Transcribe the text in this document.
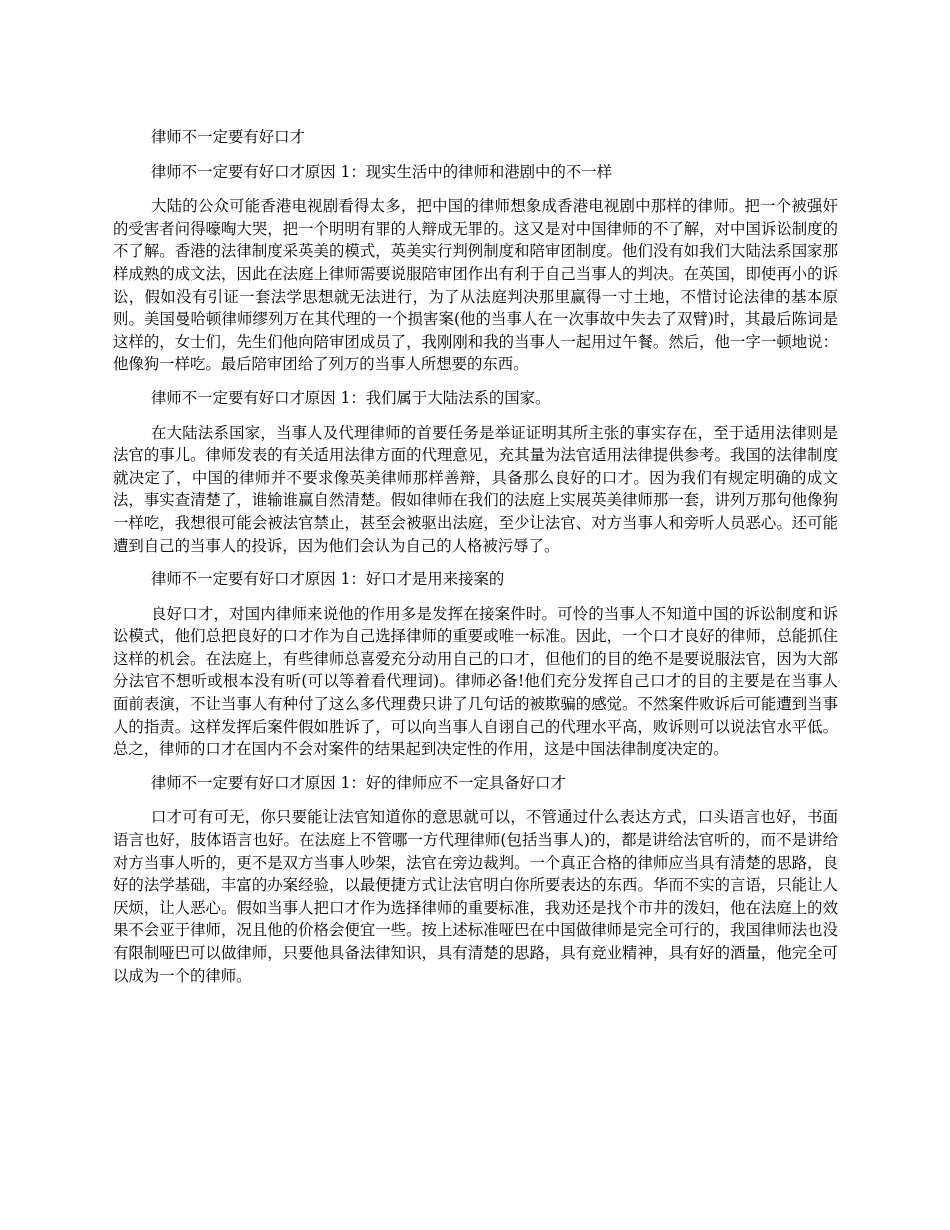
律师不一定要有好口才

律师不一定要有好口才原因 1：现实生活中的律师和港剧中的不一样

大陆的公众可能香港电视剧看得太多，把中国的律师想象成香港电视剧中那样的律师。把一个被强奸的受害者问得嚎啕大哭，把一个明明有罪的人辩成无罪的。这又是对中国律师的不了解，对中国诉讼制度的不了解。香港的法律制度采英美的模式，英美实行判例制度和陪审团制度。他们没有如我们大陆法系国家那样成熟的成文法，因此在法庭上律师需要说服陪审团作出有利于自己当事人的判决。在英国，即使再小的诉讼，假如没有引证一套法学思想就无法进行，为了从法庭判决那里赢得一寸土地，不惜讨论法律的基本原则。美国曼哈顿律师缪列万在其代理的一个损害案(他的当事人在一次事故中失去了双臂)时，其最后陈词是这样的，女士们，先生们他向陪审团成员了，我刚刚和我的当事人一起用过午餐。然后，他一字一顿地说：他像狗一样吃。最后陪审团给了列万的当事人所想要的东西。

律师不一定要有好口才原因 1：我们属于大陆法系的国家。

在大陆法系国家，当事人及代理律师的首要任务是举证证明其所主张的事实存在，至于适用法律则是法官的事儿。律师发表的有关适用法律方面的代理意见，充其量为法官适用法律提供参考。我国的法律制度就决定了，中国的律师并不要求像英美律师那样善辩，具备那么良好的口才。因为我们有规定明确的成文法，事实查清楚了，谁输谁赢自然清楚。假如律师在我们的法庭上实展英美律师那一套，讲列万那句他像狗一样吃，我想很可能会被法官禁止，甚至会被驱出法庭，至少让法官、对方当事人和旁听人员恶心。还可能遭到自己的当事人的投诉，因为他们会认为自己的人格被污辱了。

律师不一定要有好口才原因 1：好口才是用来接案的

良好口才，对国内律师来说他的作用多是发挥在接案件时。可怜的当事人不知道中国的诉讼制度和诉讼模式，他们总把良好的口才作为自己选择律师的重要或唯一标准。因此，一个口才良好的律师，总能抓住这样的机会。在法庭上，有些律师总喜爱充分动用自己的口才，但他们的目的绝不是要说服法官，因为大部分法官不想听或根本没有听(可以等着看代理词)。律师必备!他们充分发挥自己口才的目的主要是在当事人面前表演，不让当事人有种付了这么多代理费只讲了几句话的被欺骗的感觉。不然案件败诉后可能遭到当事人的指责。这样发挥后案件假如胜诉了，可以向当事人自诩自己的代理水平高，败诉则可以说法官水平低。总之，律师的口才在国内不会对案件的结果起到决定性的作用，这是中国法律制度决定的。

律师不一定要有好口才原因 1：好的律师应不一定具备好口才

口才可有可无，你只要能让法官知道你的意思就可以，不管通过什么表达方式，口头语言也好，书面语言也好，肢体语言也好。在法庭上不管哪一方代理律师(包括当事人)的，都是讲给法官听的，而不是讲给对方当事人听的，更不是双方当事人吵架，法官在旁边裁判。一个真正合格的律师应当具有清楚的思路，良好的法学基础，丰富的办案经验，以最便捷方式让法官明白你所要表达的东西。华而不实的言语，只能让人厌烦，让人恶心。假如当事人把口才作为选择律师的重要标准，我劝还是找个市井的泼妇，他在法庭上的效果不会亚于律师，况且他的价格会便宜一些。按上述标准哑巴在中国做律师是完全可行的，我国律师法也没有限制哑巴可以做律师，只要他具备法律知识，具有清楚的思路，具有竞业精神，具有好的酒量，他完全可以成为一个的律师。
